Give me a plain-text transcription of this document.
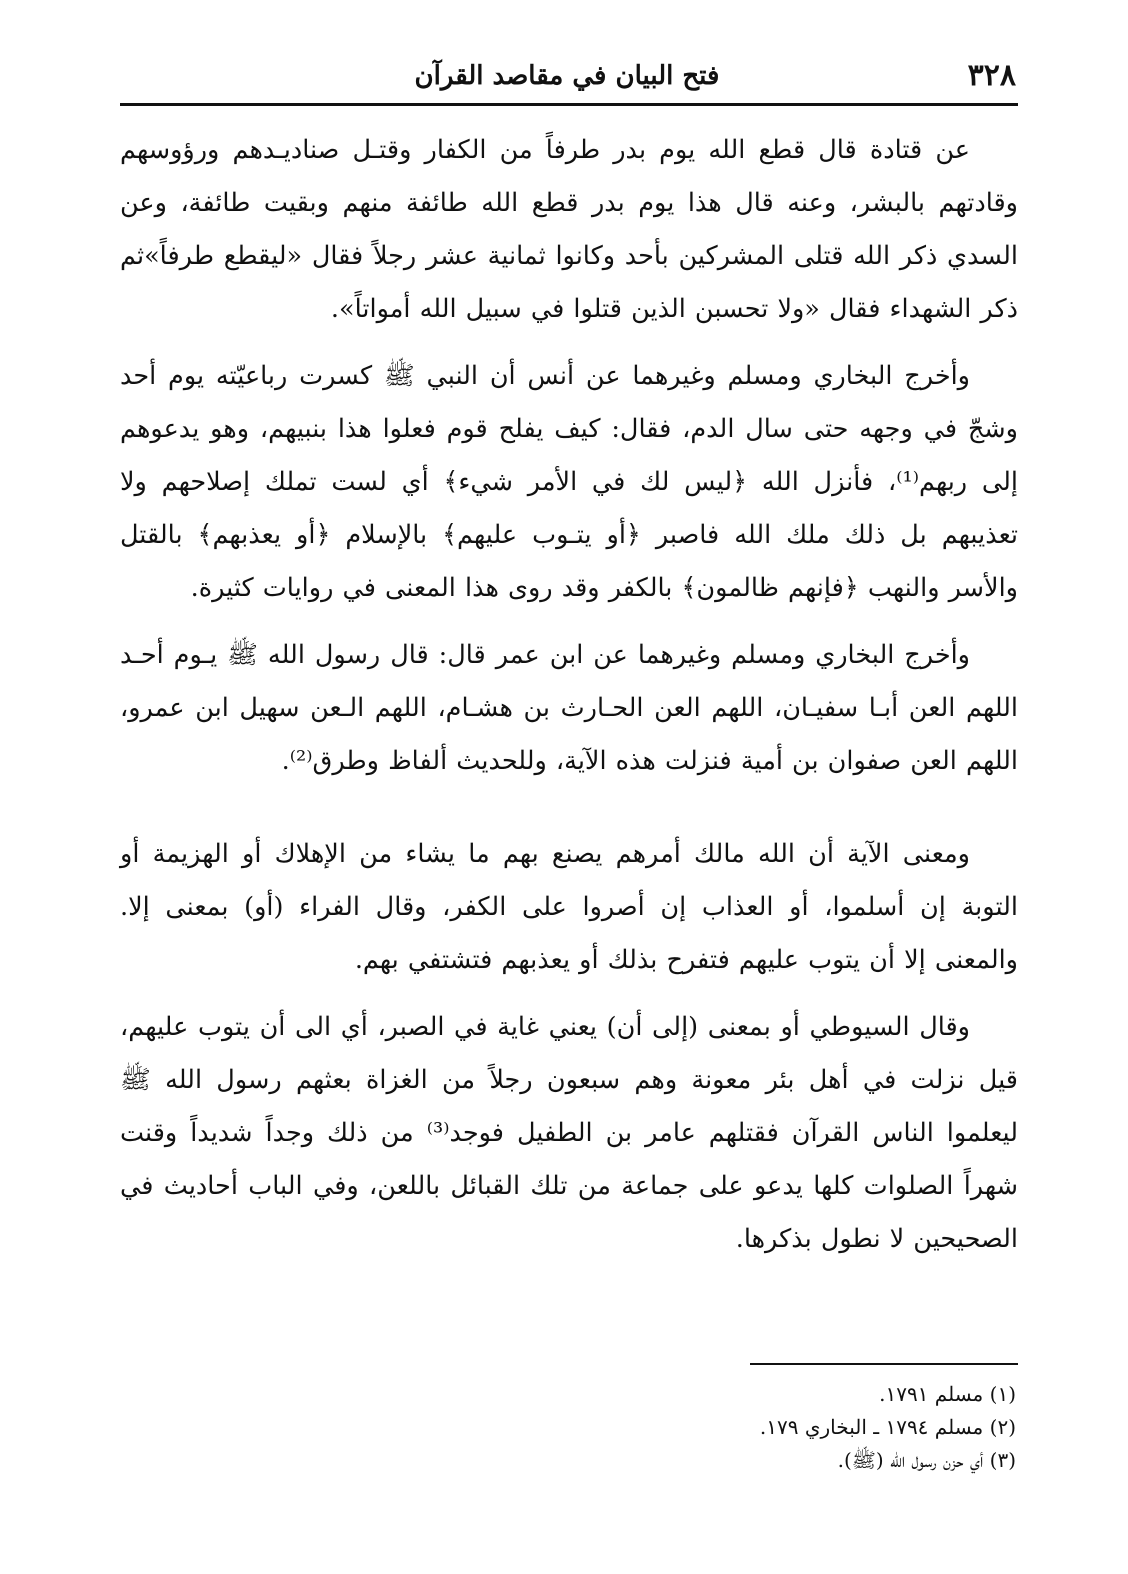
٣٢٨
فتح البيان في مقاصد القرآن

عن قتادة قال قطع الله يوم بدر طرفاً من الكفار وقتـل صناديـدهم ورؤوسهم وقادتهم بالبشر، وعنه قال هذا يوم بدر قطع الله طائفة منهم وبقيت طائفة، وعن السدي ذكر الله قتلى المشركين بأحد وكانوا ثمانية عشر رجلاً فقال «ليقطع طرفاً»ثم ذكر الشهداء فقال «ولا تحسبن الذين قتلوا في سبيل الله أمواتاً».

وأخرج البخاري ومسلم وغيرهما عن أنس أن النبي ﷺ كسرت رباعيّته يوم أحد وشجّ في وجهه حتى سال الدم، فقال: كيف يفلح قوم فعلوا هذا بنبيهم، وهو يدعوهم إلى ربهم⁽¹⁾، فأنزل الله ﴿ليس لك في الأمر شيء﴾ أي لست تملك إصلاحهم ولا تعذيبهم بل ذلك ملك الله فاصبر ﴿أو يتـوب عليهم﴾ بالإسلام ﴿أو يعذبهم﴾ بالقتل والأسر والنهب ﴿فإنهم ظالمون﴾ بالكفر وقد روى هذا المعنى في روايات كثيرة.

وأخرج البخاري ومسلم وغيرهما عن ابن عمر قال: قال رسول الله ﷺ يـوم أحـد اللهم العن أبـا سفيـان، اللهم العن الحـارث بن هشـام، اللهم الـعن سهيل ابن عمرو، اللهم العن صفوان بن أمية فنزلت هذه الآية، وللحديث ألفاظ وطرق⁽²⁾.

ومعنى الآية أن الله مالك أمرهم يصنع بهم ما يشاء من الإهلاك أو الهزيمة أو التوبة إن أسلموا، أو العذاب إن أصروا على الكفر، وقال الفراء (أو) بمعنى إلا. والمعنى إلا أن يتوب عليهم فتفرح بذلك أو يعذبهم فتشتفي بهم.

وقال السيوطي أو بمعنى (إلى أن) يعني غاية في الصبر، أي الى أن يتوب عليهم، قيل نزلت في أهل بئر معونة وهم سبعون رجلاً من الغزاة بعثهم رسول الله ﷺ ليعلموا الناس القرآن فقتلهم عامر بن الطفيل فوجد⁽³⁾ من ذلك وجداً شديداً وقنت شهراً الصلوات كلها يدعو على جماعة من تلك القبائل باللعن، وفي الباب أحاديث في الصحيحين لا نطول بذكرها.

(١) مسلم ١٧٩١.

(٢) مسلم ١٧٩٤ ـ البخاري ١٧٩.

(٣) أي حزن رسول الله (ﷺ).
